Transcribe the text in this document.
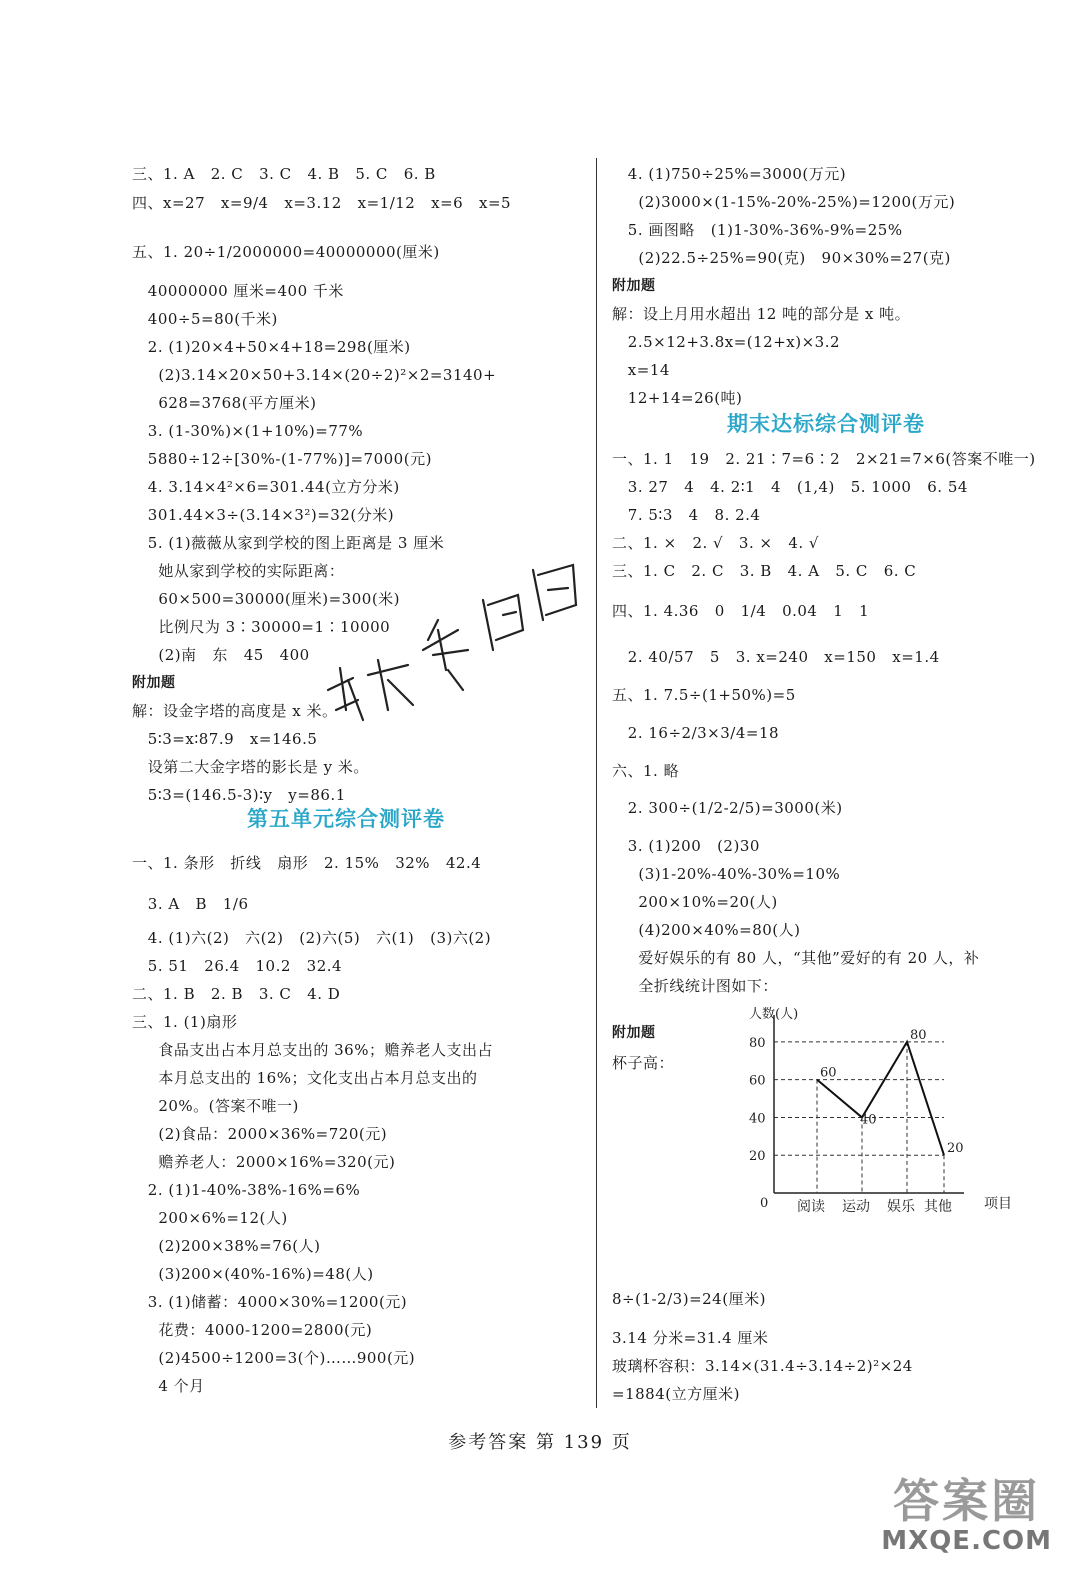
三、1. A   2. C   3. C   4. B   5. C   6. B
四、x=27   x=9/4   x=3.12   x=1/12   x=6   x=5
五、1. 20÷1/2000000=40000000(厘米)
40000000 厘米=400 千米
400÷5=80(千米)
2. (1)20×4+50×4+18=298(厘米)
(2)3.14×20×50+3.14×(20÷2)²×2=3140+
628=3768(平方厘米)
3. (1-30%)×(1+10%)=77%
5880÷12÷[30%-(1-77%)]=7000(元)
4. 3.14×4²×6=301.44(立方分米)
301.44×3÷(3.14×3²)=32(分米)
5. (1)薇薇从家到学校的图上距离是 3 厘米
她从家到学校的实际距离：
60×500=30000(厘米)=300(米)
比例尺为 3∶30000=1∶10000
(2)南   东   45   400
附加题
解：设金字塔的高度是 x 米。
5∶3=x∶87.9   x=146.5
设第二大金字塔的影长是 y 米。
5∶3=(146.5-3)∶y   y=86.1
第五单元综合测评卷
一、1. 条形   折线   扇形   2. 15%   32%   42.4
3. A   B   1/6
4. (1)六(2)   六(2)   (2)六(5)   六(1)   (3)六(2)
5. 51   26.4   10.2   32.4
二、1. B   2. B   3. C   4. D
三、1. (1)扇形
食品支出占本月总支出的 36%；赡养老人支出占
本月总支出的 16%；文化支出占本月总支出的
20%。(答案不唯一)
(2)食品：2000×36%=720(元)
赡养老人：2000×16%=320(元)
2. (1)1-40%-38%-16%=6%
200×6%=12(人)
(2)200×38%=76(人)
(3)200×(40%-16%)=48(人)
3. (1)储蓄：4000×30%=1200(元)
花费：4000-1200=2800(元)
(2)4500÷1200=3(个)……900(元)
4 个月
4. (1)750÷25%=3000(万元)
(2)3000×(1-15%-20%-25%)=1200(万元)
5. 画图略   (1)1-30%-36%-9%=25%
(2)22.5÷25%=90(克)   90×30%=27(克)
附加题
解：设上月用水超出 12 吨的部分是 x 吨。
2.5×12+3.8x=(12+x)×3.2
x=14
12+14=26(吨)
期末达标综合测评卷
一、1. 1   19   2. 21∶7=6∶2   2×21=7×6(答案不唯一)
3. 27   4   4. 2∶1   4   (1,4)   5. 1000   6. 54
7. 5∶3   4   8. 2.4
二、1. ×   2. √   3. ×   4. √
三、1. C   2. C   3. B   4. A   5. C   6. C
四、1. 4.36   0   1/4   0.04   1   1
2. 40/57   5   3. x=240   x=150   x=1.4
五、1. 7.5÷(1+50%)=5
2. 16÷2/3×3/4=18
六、1. 略
2. 300÷(1/2-2/5)=3000(米)
3. (1)200   (2)30
(3)1-20%-40%-30%=10%
200×10%=20(人)
(4)200×40%=80(人)
爱好娱乐的有 80 人，“其他”爱好的有 20 人，补
全折线统计图如下：
附加题
杯子高：
8÷(1-2/3)=24(厘米)
3.14 分米=31.4 厘米
玻璃杯容积：3.14×(31.4÷3.14÷2)²×24
=1884(立方厘米)
人数(人)
项目
0
20
40
60
80
阅读 运动 娱乐 其他
60
40
80
20
参考答案 第 139 页
答案圈
MXQE.COM
